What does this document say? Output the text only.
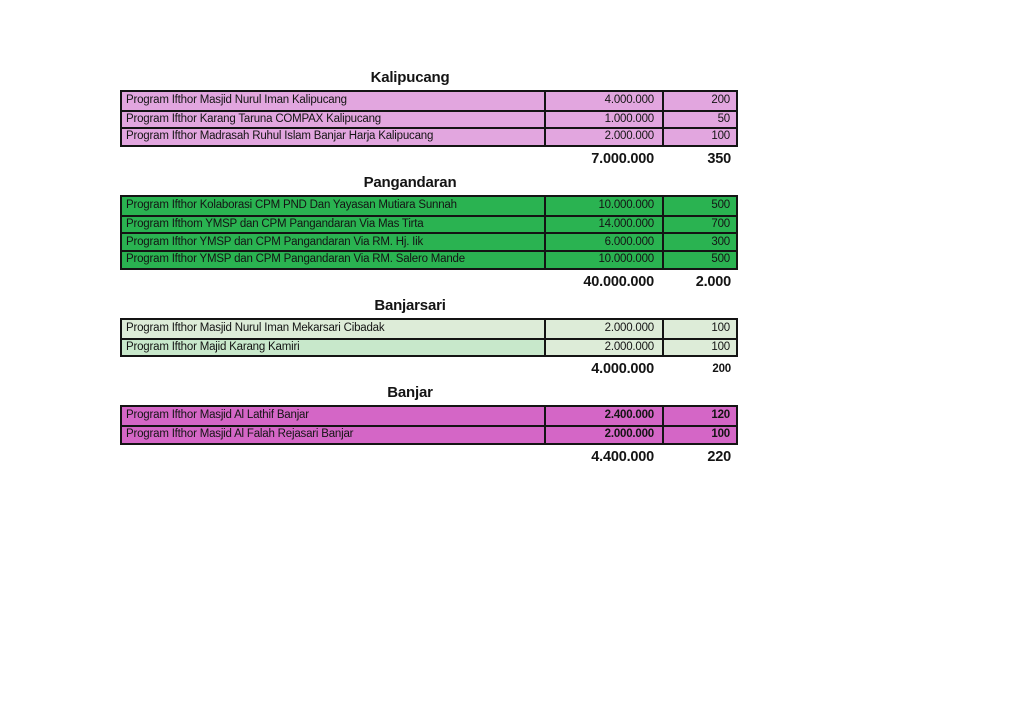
Kalipucang
Program Ifthor Masjid Nurul Iman Kalipucang	4.000.000	200
Program Ifthor Karang Taruna COMPAX Kalipucang	1.000.000	50
Program Ifthor Madrasah Ruhul Islam Banjar Harja Kalipucang	2.000.000	100
7.000.000	350
Pangandaran
Program Ifthor Kolaborasi CPM PND Dan Yayasan Mutiara Sunnah	10.000.000	500
Program Ifthom YMSP dan CPM Pangandaran Via Mas Tirta	14.000.000	700
Program Ifthor YMSP dan CPM Pangandaran Via RM. Hj. Iik	6.000.000	300
Program Ifthor YMSP dan CPM Pangandaran Via RM. Salero Mande	10.000.000	500
40.000.000	2.000
Banjarsari
Program Ifthor Masjid Nurul Iman Mekarsari Cibadak	2.000.000	100
Program Ifthor Majid Karang Kamiri	2.000.000	100
4.000.000	200
Banjar
Program Ifthor Masjid Al Lathif Banjar	2.400.000	120
Program Ifthor Masjid Al Falah Rejasari Banjar	2.000.000	100
4.400.000	220
